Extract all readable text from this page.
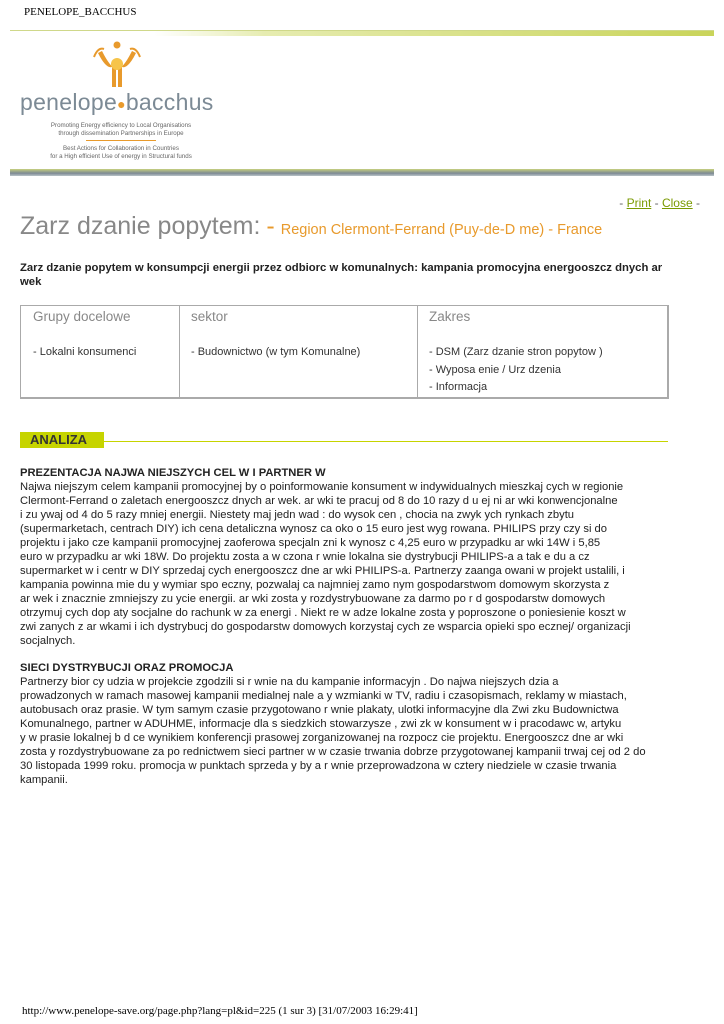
PENELOPE_BACCHUS
penelope●bacchus
Promoting Energy efficiency to Local Organisations
through dissemination Partnerships in Europe
Best Actions for Collaboration in Countries
for a High efficient Use of energy in Structural funds
- Print - Close -
Zarz dzanie popytem: - Region Clermont-Ferrand (Puy-de-D me) - France
Zarz dzanie popytem w konsumpcji energii przez odbiorc w komunalnych: kampania promocyjna energooszcz dnych ar wek
Grupy docelowe
- Lokalni konsumenci
sektor
- Budownictwo (w tym Komunalne)
Zakres
- DSM (Zarz dzanie stron popytow )
- Wyposa enie / Urz dzenia
- Informacja
ANALIZA
PREZENTACJA NAJWA NIEJSZYCH CEL W I PARTNER W

Najwa niejszym celem kampanii promocyjnej by o poinformowanie konsument w indywidualnych mieszkaj cych w regionie

Clermont-Ferrand o zaletach energooszcz dnych ar wek. ar wki te pracuj od 8 do 10 razy d u ej ni ar wki konwencjonalne

i zu ywaj od 4 do 5 razy mniej energii. Niestety maj jedn wad : do wysok cen , chocia na zwyk ych rynkach zbytu

(supermarketach, centrach DIY) ich cena detaliczna wynosz ca oko o 15 euro jest wyg rowana. PHILIPS przy czy si do

projektu i jako cze kampanii promocyjnej zaoferowa specjaln zni k wynosz c 4,25 euro w przypadku ar wki 14W i 5,85

euro w przypadku ar wki 18W. Do projektu zosta a w czona r wnie lokalna sie dystrybucji PHILIPS-a a tak e du a cz

supermarket w i centr w DIY sprzedaj cych energooszcz dne ar wki PHILIPS-a. Partnerzy zaanga owani w projekt ustalili, i

kampania powinna mie du y wymiar spo eczny, pozwalaj ca najmniej zamo nym gospodarstwom domowym skorzysta z

ar wek i znacznie zmniejszy zu ycie energii. ar wki zosta y rozdystrybuowane za darmo po r d gospodarstw domowych

otrzymuj cych dop aty socjalne do rachunk w za energi . Niekt re w adze lokalne zosta y poproszone o poniesienie koszt w

zwi zanych z ar wkami i ich dystrybucj do gospodarstw domowych korzystaj cych ze wsparcia opieki spo ecznej/ organizacji

socjalnych.

SIECI DYSTRYBUCJI ORAZ PROMOCJA

Partnerzy bior cy udzia w projekcie zgodzili si r wnie na du kampanie informacyjn . Do najwa niejszych dzia a

prowadzonych w ramach masowej kampanii medialnej nale a y wzmianki w TV, radiu i czasopismach, reklamy w miastach,

autobusach oraz prasie. W tym samym czasie przygotowano r wnie plakaty, ulotki informacyjne dla Zwi zku Budownictwa

Komunalnego, partner w ADUHME, informacje dla s siedzkich stowarzysze , zwi zk w konsument w i pracodawc w, artyku

y w prasie lokalnej b d ce wynikiem konferencji prasowej zorganizowanej na rozpocz cie projektu. Energooszcz dne ar wki

zosta y rozdystrybuowane za po rednictwem sieci partner w w czasie trwania dobrze przygotowanej kampanii trwaj cej od 2 do

30 listopada 1999 roku. promocja w punktach sprzeda y by a r wnie przeprowadzona w cztery niedziele w czasie trwania

kampanii.

http://www.penelope-save.org/page.php?lang=pl&id=225 (1 sur 3) [31/07/2003 16:29:41]
